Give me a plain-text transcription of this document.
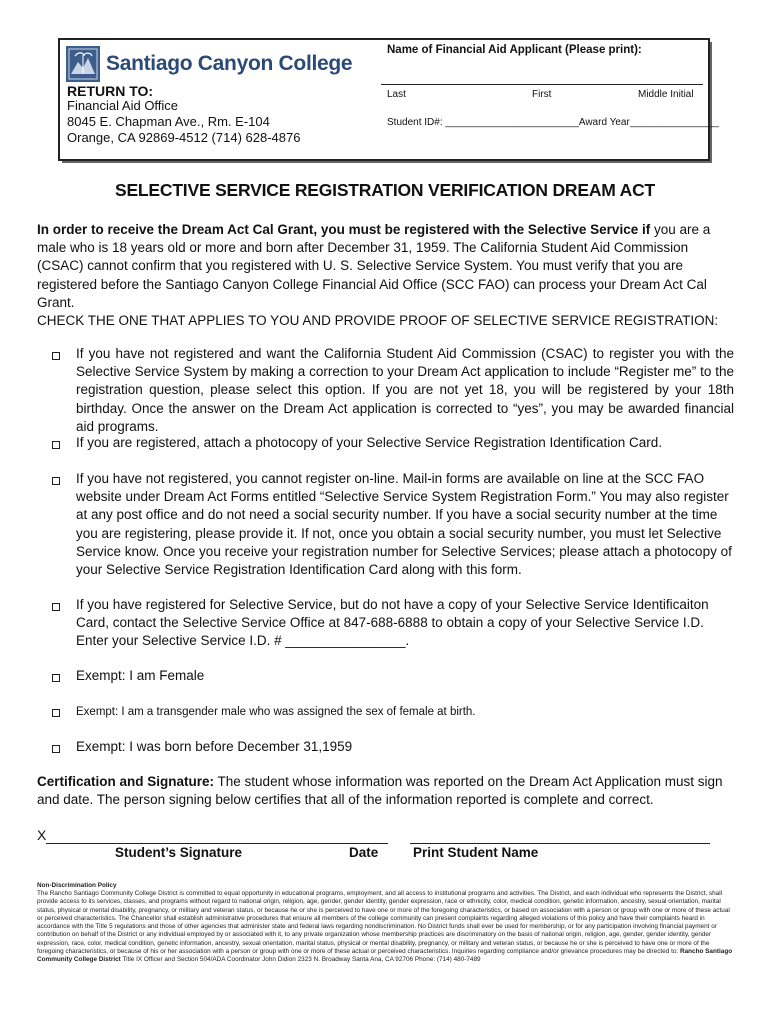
Santiago Canyon College
RETURN TO:
Financial Aid Office
8045 E. Chapman Ave., Rm. E-104
Orange, CA 92869-4512 (714) 628-4876
Name of Financial Aid Applicant (Please print):
Last	First	Middle Initial
Student ID#: ________________________Award Year________________
SELECTIVE SERVICE REGISTRATION VERIFICATION DREAM ACT
In order to receive the Dream Act Cal Grant, you must be registered with the Selective Service if you are a male who is 18 years old or more and born after December 31, 1959. The California Student Aid Commission (CSAC) cannot confirm that you registered with U. S. Selective Service System. You must verify that you are registered before the Santiago Canyon College Financial Aid Office (SCC FAO) can process your Dream Act Cal Grant.
CHECK THE ONE THAT APPLIES TO YOU AND PROVIDE PROOF OF SELECTIVE SERVICE REGISTRATION:
If you have not registered and want the California Student Aid Commission (CSAC) to register you with the Selective Service System by making a correction to your Dream Act application to include “Register me” to the registration question, please select this option. If you are not yet 18, you will be registered by your 18th birthday. Once the answer on the Dream Act application is corrected to “yes”, you may be awarded financial aid programs.
If you are registered, attach a photocopy of your Selective Service Registration Identification Card.
If you have not registered, you cannot register on-line. Mail-in forms are available on line at the SCC FAO website under Dream Act Forms entitled “Selective Service System Registration Form.” You may also register at any post office and do not need a social security number. If you have a social security number at the time you are registering, please provide it. If not, once you obtain a social security number, you must let Selective Service know. Once you receive your registration number for Selective Services; please attach a photocopy of your Selective Service Registration Identification Card along with this form.
If you have registered for Selective Service, but do not have a copy of your Selective Service Identificaiton Card, contact the Selective Service Office at 847-688-6888 to obtain a copy of your Selective Service I.D. Enter your Selective Service I.D. # ________________.
Exempt: I am Female
Exempt: I am a transgender male who was assigned the sex of female at birth.
Exempt: I was born before December 31,1959
Certification and Signature: The student whose information was reported on the Dream Act Application must sign and date. The person signing below certifies that all of the information reported is complete and correct.
X
Student’s Signature	Date	Print Student Name
Non-Discrimination Policy
The Rancho Santiago Community College District is committed to equal opportunity in educational programs, employment, and all access to institutional programs and activities. The District, and each individual who represents the District, shall provide access to its services, classes, and programs without regard to national origin, religion, age, gender, gender identity, gender expression, race or ethnicity, color, medical condition, genetic information, ancestry, sexual orientation, marital status, physical or mental disability, pregnancy, or military and veteran status, or because he or she is perceived to have one or more of the foregoing characteristics, or based on association with a person or group with one or more of these actual or perceived characteristics. The Chancellor shall establish administrative procedures that ensure all members of the college community can present complaints regarding alleged violations of this policy and have their complaints heard in accordance with the Title 5 regulations and those of other agencies that administer state and federal laws regarding nondiscrimination. No District funds shall ever be used for membership, or for any participation involving financial payment or contribution on behalf of the District or any individual employed by or associated with it, to any private organization whose membership practices are discriminatory on the basis of national origin, religion, age, gender, gender identity, gender expression, race, color, medical condition, genetic information, ancestry, sexual orientation, marital status, physical or mental disability, pregnancy, or military and veteran status, or because he or she is perceived to have one or more of the foregoing characteristics, or because of his or her association with a person or group with one or more of these actual or perceived characteristics. Inquiries regarding compliance and/or grievance procedures may be directed to: Rancho Santiago Community College District Title IX Officer and Section 504/ADA Coordinator John Didion 2323 N. Broadway Santa Ana, CA 92706 Phone: (714) 480-7489
